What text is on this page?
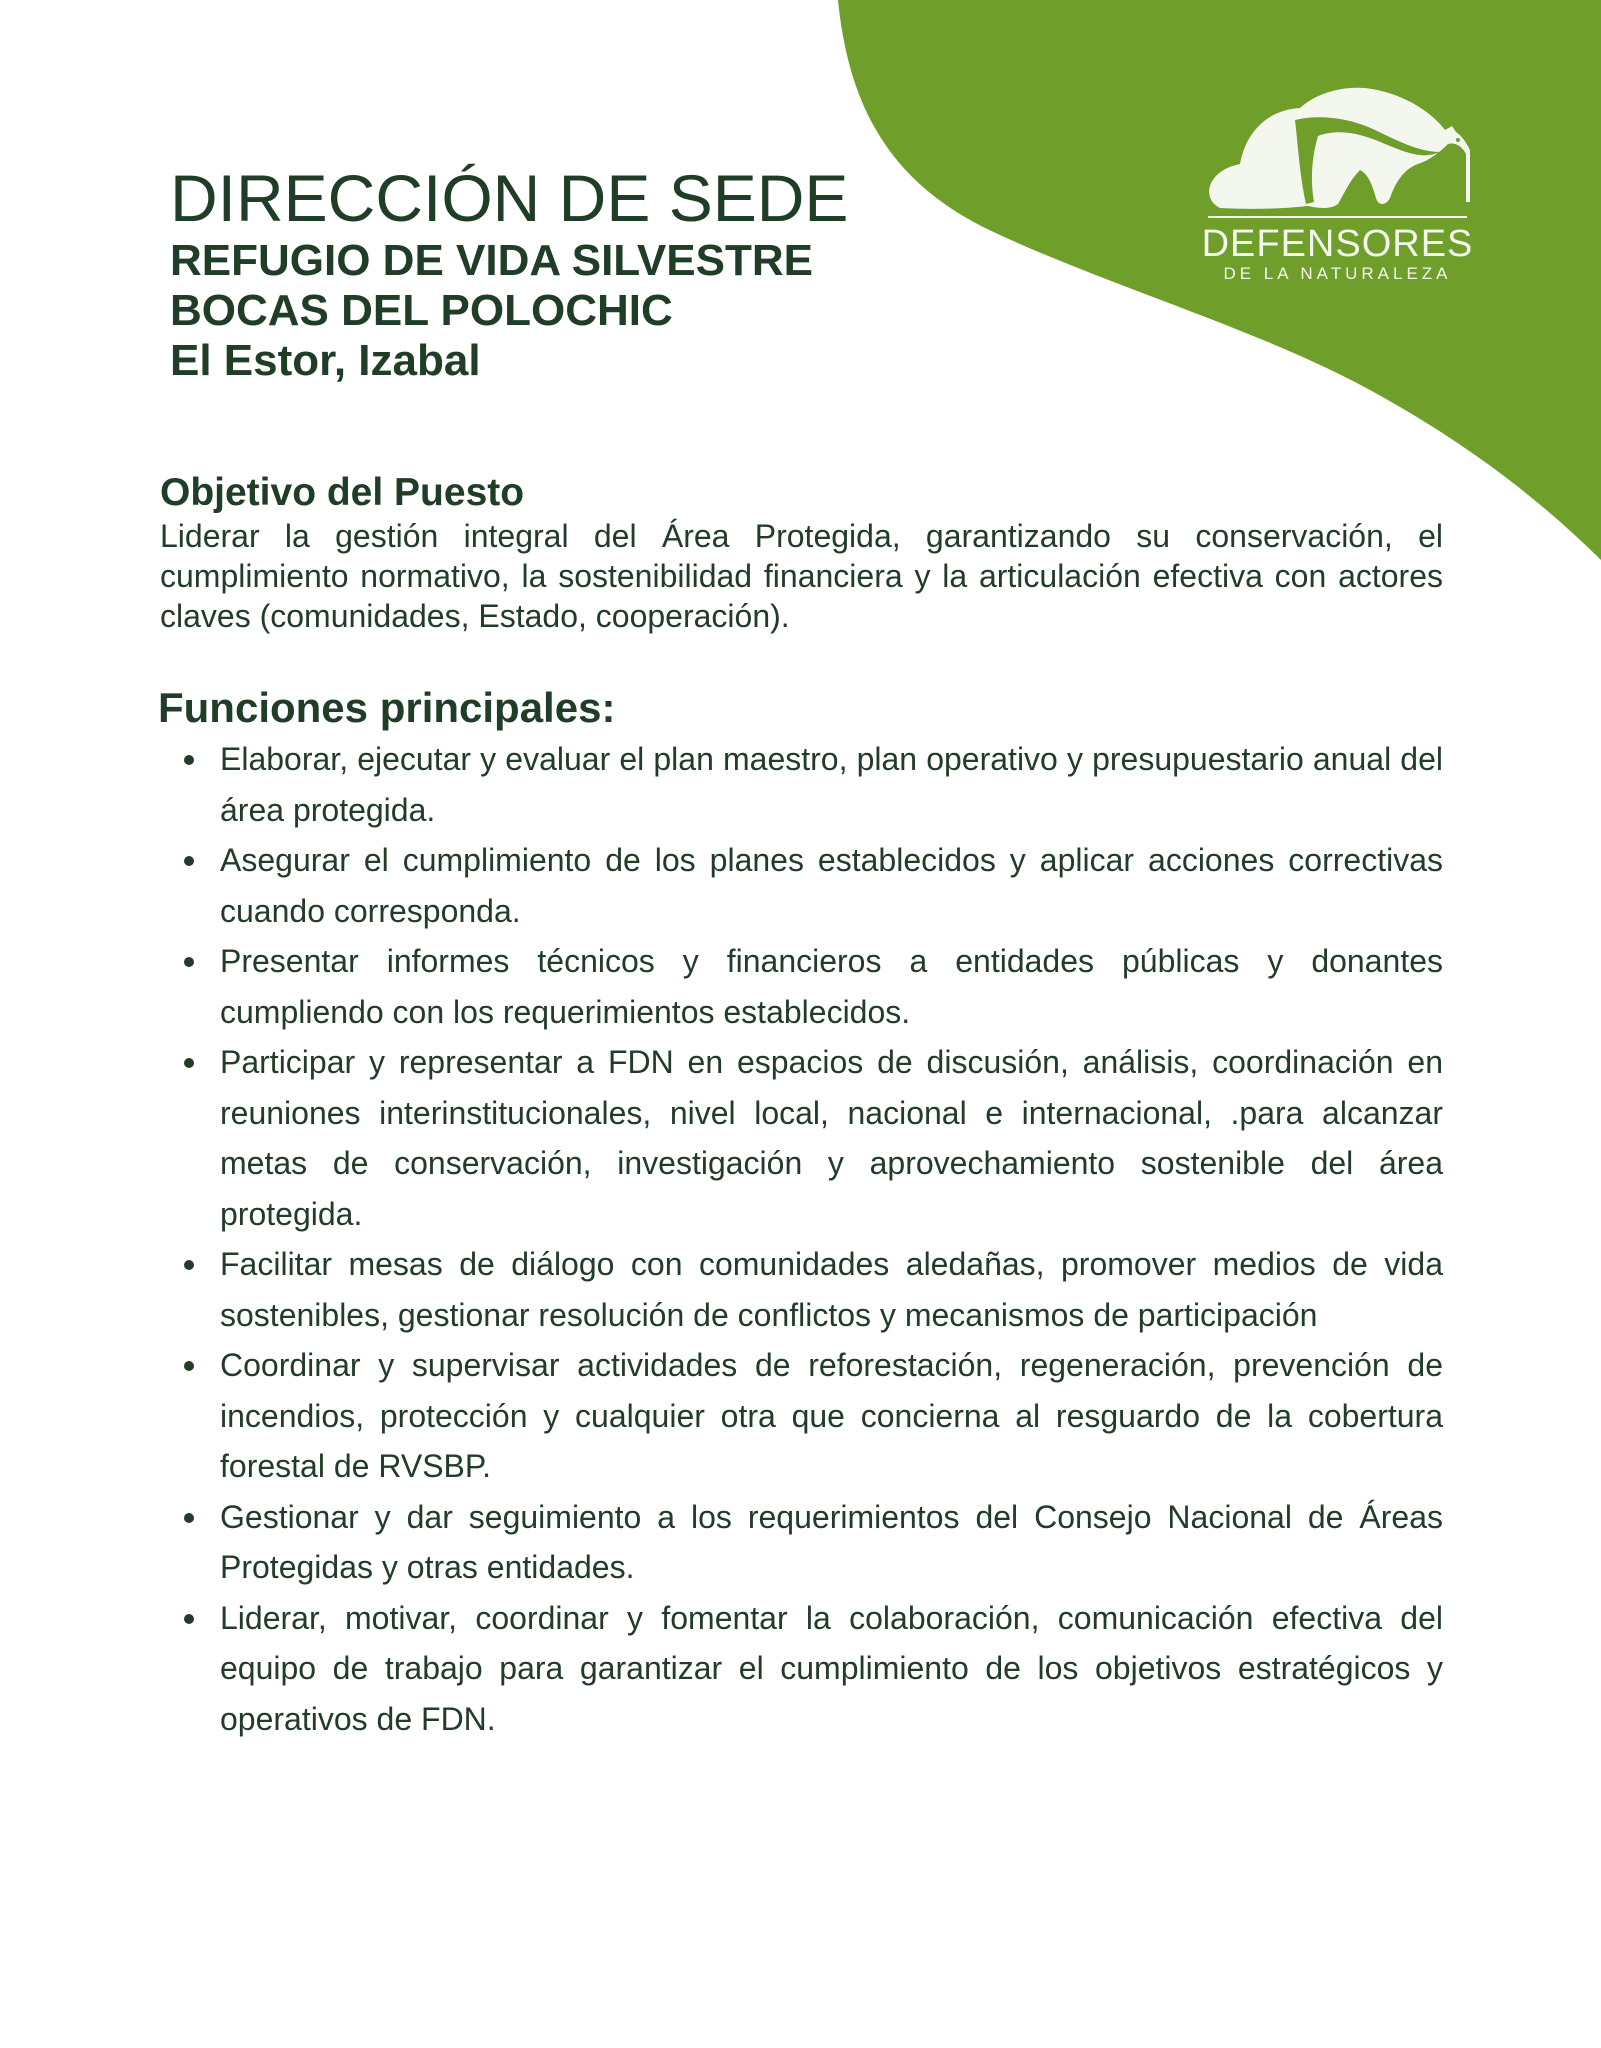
DEFENSORES
DE LA NATURALEZA
DIRECCIÓN DE SEDE
REFUGIO DE VIDA SILVESTRE
BOCAS DEL POLOCHIC
El Estor, Izabal
Objetivo del Puesto

Liderar la gestión integral del Área Protegida, garantizando su conservación, el cumplimiento normativo, la sostenibilidad financiera y la articulación efectiva con actores claves (comunidades, Estado, cooperación).

Funciones principales:
Elaborar, ejecutar y evaluar el plan maestro, plan operativo y presupuestario anual del área protegida.
Asegurar el cumplimiento de los planes establecidos y aplicar acciones correctivas cuando corresponda.
Presentar informes técnicos y financieros a entidades públicas y donantes cumpliendo con los requerimientos establecidos.
Participar y representar a FDN en espacios de discusión, análisis, coordinación en reuniones interinstitucionales, nivel local, nacional e internacional, .para alcanzar metas de conservación, investigación y aprovechamiento sostenible del área protegida.
Facilitar mesas de diálogo con comunidades aledañas, promover medios de vida sostenibles, gestionar resolución de conflictos y mecanismos de participación
Coordinar y supervisar actividades de reforestación, regeneración, prevención de incendios, protección y cualquier otra que concierna al resguardo de la cobertura forestal de RVSBP.
Gestionar y dar seguimiento a los requerimientos del Consejo Nacional de Áreas Protegidas y otras entidades.
Liderar, motivar, coordinar y fomentar la colaboración, comunicación efectiva del equipo de trabajo para garantizar el cumplimiento de los objetivos estratégicos y operativos de FDN.
